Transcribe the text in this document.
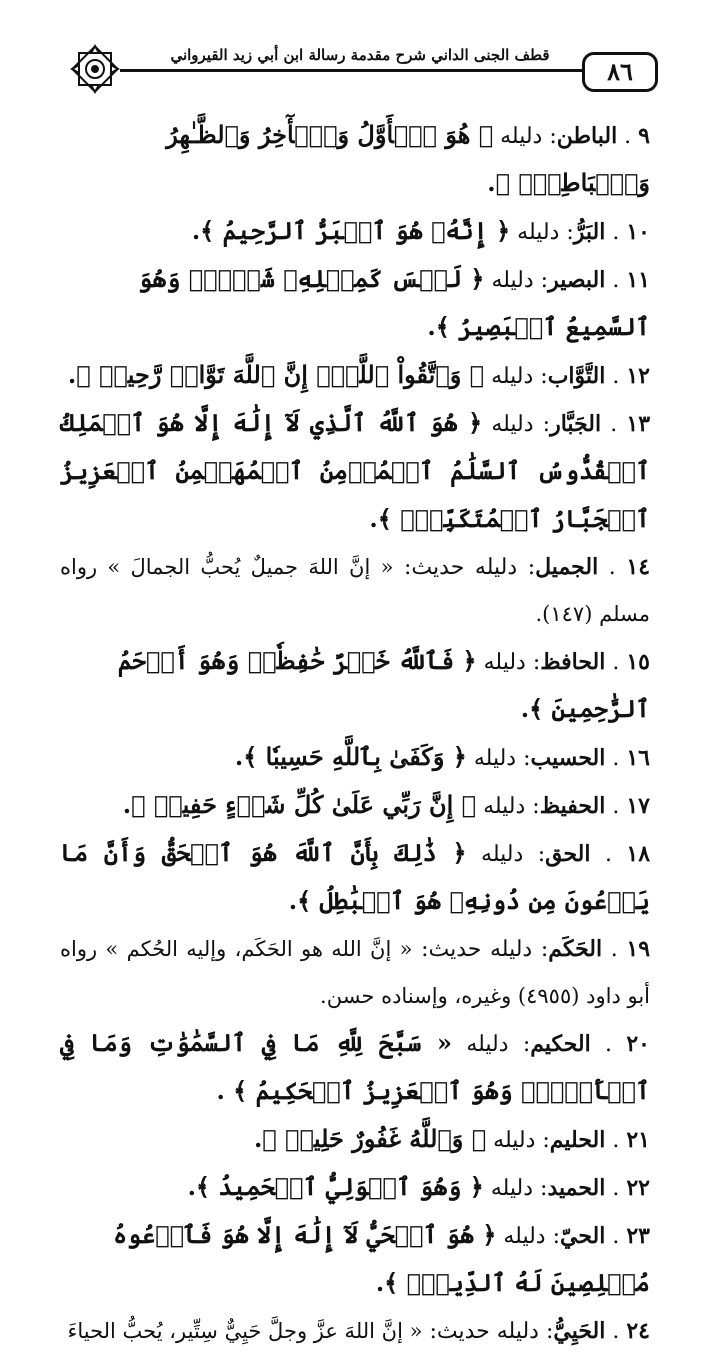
قطف الجنى الداني شرح مقدمة رسالة ابن أبي زيد القيرواني
٨٦

٩ . الباطن: دليله ﴿ هُوَ ٱلۡأَوَّلُ وَٱلۡأٓخِرُ وَٱلظَّـٰهِرُ وَٱلۡبَاطِنُۖ ﴾.

١٠ . البَرُّ: دليله ﴿ إِنَّهُۥ هُوَ ٱلۡبَرُّ ٱلرَّحِيمُ ﴾.

١١ . البصير: دليله ﴿ لَيۡسَ كَمِثۡلِهِۦ شَيۡءٞۖ وَهُوَ ٱلسَّمِيعُ ٱلۡبَصِيرُ ﴾.

١٢ . التَّوَّاب: دليله ﴿ وَٱتَّقُواْ ٱللَّهَۚ إِنَّ ٱللَّهَ تَوَّابٞ رَّحِيمٞ ﴾.

١٣ . الجَبَّار: دليله ﴿ هُوَ ٱللَّهُ ٱلَّذِي لَآ إِلَٰهَ إِلَّا هُوَ ٱلۡمَلِكُ ٱلۡقُدُّوسُ ٱلسَّلَٰمُ ٱلۡمُؤۡمِنُ ٱلۡمُهَيۡمِنُ ٱلۡعَزِيزُ ٱلۡجَبَّارُ ٱلۡمُتَكَبِّرُۚ ﴾.

١٤ . الجميل: دليله حديث: « إنَّ اللهَ جميلٌ يُحبُّ الجمالَ » رواه مسلم (١٤٧).

١٥ . الحافظ: دليله ﴿ فَٱللَّهُ خَيۡرٌ حَٰفِظٗاۖ وَهُوَ أَرۡحَمُ ٱلرَّٰحِمِينَ ﴾.

١٦ . الحسيب: دليله ﴿ وَكَفَىٰ بِٱللَّهِ حَسِيبٗا ﴾.

١٧ . الحفيظ: دليله ﴿ إِنَّ رَبِّي عَلَىٰ كُلِّ شَيۡءٍ حَفِيظٞ ﴾.

١٨ . الحق: دليله ﴿ ذَٰلِكَ بِأَنَّ ٱللَّهَ هُوَ ٱلۡحَقُّ وَأَنَّ مَا يَدۡعُونَ مِن دُونِهِۦ هُوَ ٱلۡبَٰطِلُ ﴾.

١٩ . الحَكَم: دليله حديث: « إنَّ الله هو الحَكَم، وإليه الحُكم » رواه أبو داود (٤٩٥٥) وغيره، وإسناده حسن.

٢٠ . الحكيم: دليله « سَبَّحَ لِلَّهِ مَا فِي ٱلسَّمَٰوَٰتِ وَمَا فِي ٱلۡأَرۡضِۖ وَهُوَ ٱلۡعَزِيزُ ٱلۡحَكِيمُ ﴾ .

٢١ . الحليم: دليله ﴿ وَٱللَّهُ غَفُورٌ حَلِيمٞ ﴾.

٢٢ . الحميد: دليله ﴿ وَهُوَ ٱلۡوَلِيُّ ٱلۡحَمِيدُ ﴾.

٢٣ . الحيّ: دليله ﴿ هُوَ ٱلۡحَيُّ لَآ إِلَٰهَ إِلَّا هُوَ فَٱدۡعُوهُ مُخۡلِصِينَ لَهُ ٱلدِّينَۗ ﴾.

٢٤ . الحَيِيُّ: دليله حديث: « إنَّ اللهَ عزَّ وجلَّ حَيِيٌّ سِتِّير، يُحبُّ الحياءَ
